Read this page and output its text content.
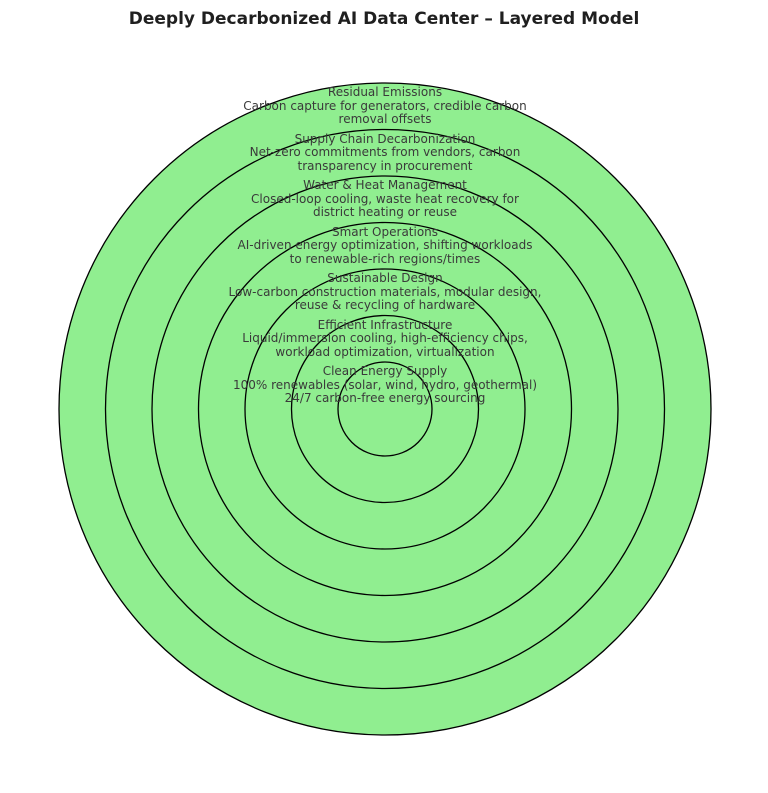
Deeply Decarbonized AI Data Center – Layered Model
Residual Emissions
Carbon capture for generators, credible carbon
removal offsets
Supply Chain Decarbonization
Net-zero commitments from vendors, carbon
transparency in procurement
Water & Heat Management
Closed-loop cooling, waste heat recovery for
district heating or reuse
Smart Operations
AI-driven energy optimization, shifting workloads
to renewable-rich regions/times
Sustainable Design
Low-carbon construction materials, modular design,
reuse & recycling of hardware
Efficient Infrastructure
Liquid/immersion cooling, high-efficiency chips,
workload optimization, virtualization
Clean Energy Supply
100% renewables (solar, wind, hydro, geothermal)
24/7 carbon-free energy sourcing
